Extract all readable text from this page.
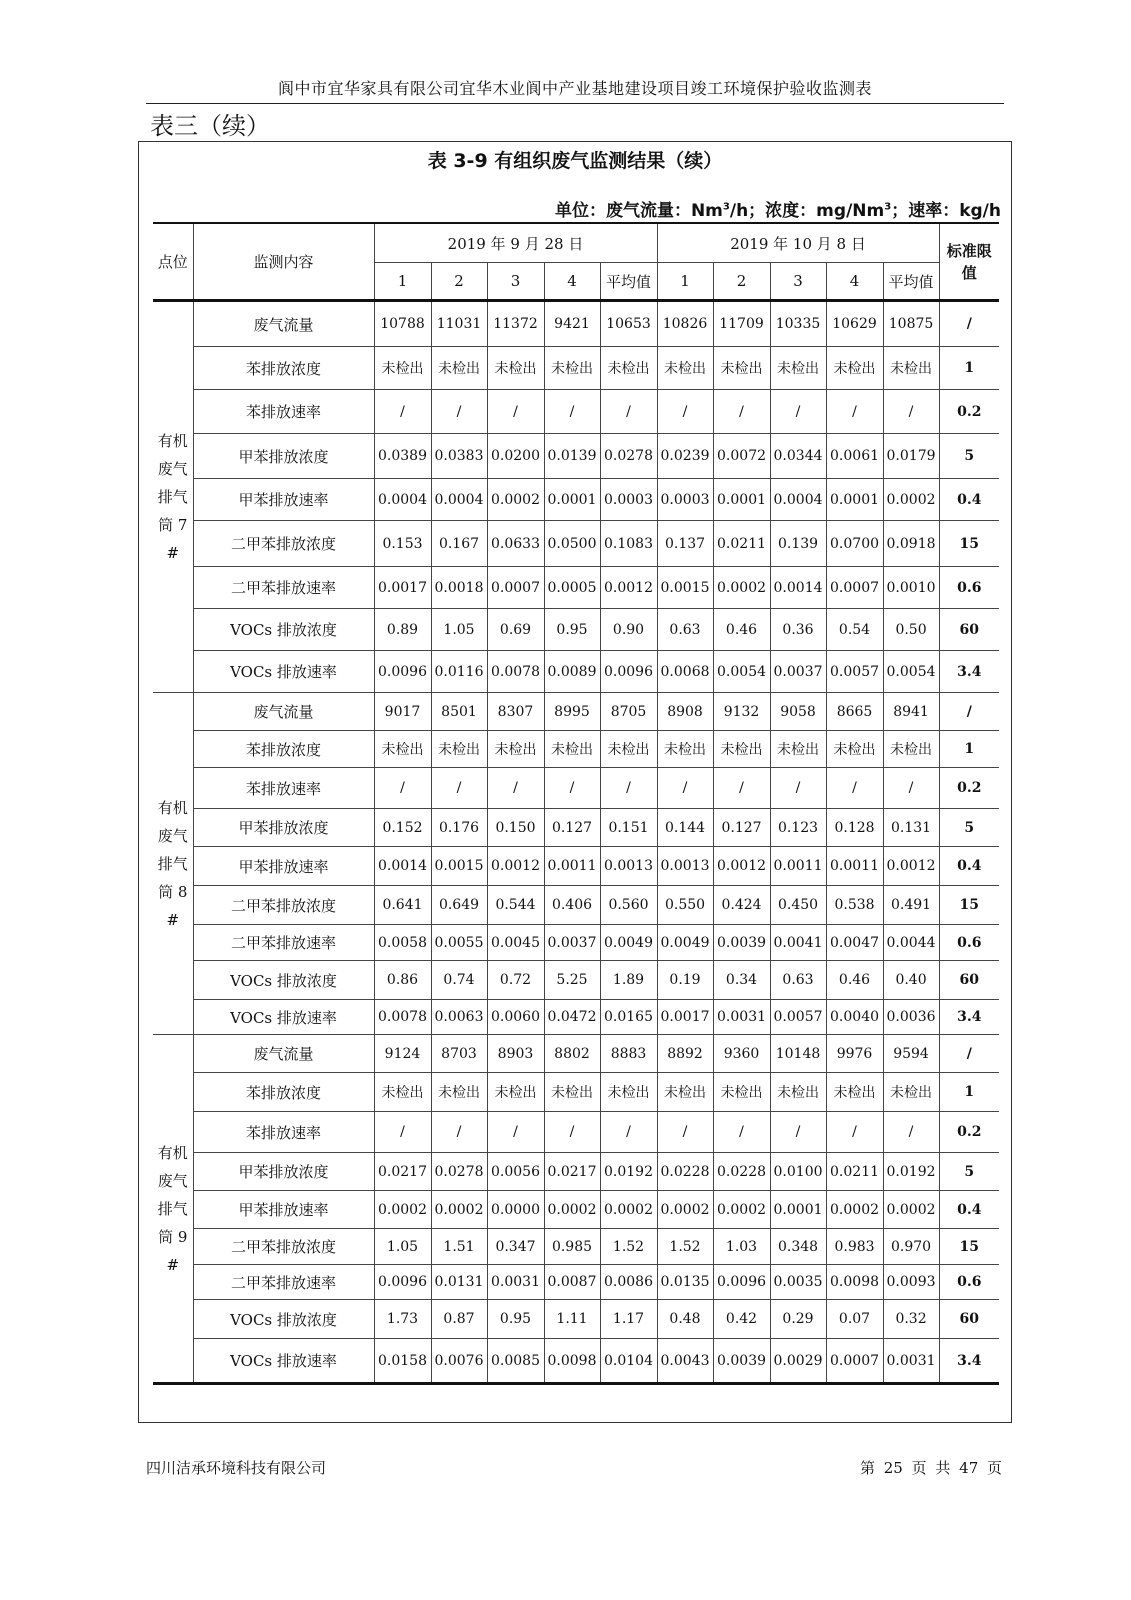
阆中市宜华家具有限公司宜华木业阆中产业基地建设项目竣工环境保护验收监测表
表三（续）
表 3-9 有组织废气监测结果（续）
单位：废气流量：Nm$^3$/h；浓度：mg/Nm$^3$；速率：kg/h
点位	监测内容	2019 年 9 月 28 日					2019 年 10 月 8 日					标准限值
		1	2	3	4	平均值	1	2	3	4	平均值	
有机废气排气筒 7#	废气流量	10788	11031	11372	9421	10653	10826	11709	10335	10629	10875	/
	苯排放浓度	未检出	未检出	未检出	未检出	未检出	未检出	未检出	未检出	未检出	未检出	1
	苯排放速率	/	/	/	/	/	/	/	/	/	/	0.2
	甲苯排放浓度	0.0389	0.0383	0.0200	0.0139	0.0278	0.0239	0.0072	0.0344	0.0061	0.0179	5
	甲苯排放速率	0.0004	0.0004	0.0002	0.0001	0.0003	0.0003	0.0001	0.0004	0.0001	0.0002	0.4
	二甲苯排放浓度	0.153	0.167	0.0633	0.0500	0.1083	0.137	0.0211	0.139	0.0700	0.0918	15
	二甲苯排放速率	0.0017	0.0018	0.0007	0.0005	0.0012	0.0015	0.0002	0.0014	0.0007	0.0010	0.6
	VOCs 排放浓度	0.89	1.05	0.69	0.95	0.90	0.63	0.46	0.36	0.54	0.50	60
	VOCs 排放速率	0.0096	0.0116	0.0078	0.0089	0.0096	0.0068	0.0054	0.0037	0.0057	0.0054	3.4
有机废气排气筒 8#	废气流量	9017	8501	8307	8995	8705	8908	9132	9058	8665	8941	/
	苯排放浓度	未检出	未检出	未检出	未检出	未检出	未检出	未检出	未检出	未检出	未检出	1
	苯排放速率	/	/	/	/	/	/	/	/	/	/	0.2
	甲苯排放浓度	0.152	0.176	0.150	0.127	0.151	0.144	0.127	0.123	0.128	0.131	5
	甲苯排放速率	0.0014	0.0015	0.0012	0.0011	0.0013	0.0013	0.0012	0.0011	0.0011	0.0012	0.4
	二甲苯排放浓度	0.641	0.649	0.544	0.406	0.560	0.550	0.424	0.450	0.538	0.491	15
	二甲苯排放速率	0.0058	0.0055	0.0045	0.0037	0.0049	0.0049	0.0039	0.0041	0.0047	0.0044	0.6
	VOCs 排放浓度	0.86	0.74	0.72	5.25	1.89	0.19	0.34	0.63	0.46	0.40	60
	VOCs 排放速率	0.0078	0.0063	0.0060	0.0472	0.0165	0.0017	0.0031	0.0057	0.0040	0.0036	3.4
有机废气排气筒 9#	废气流量	9124	8703	8903	8802	8883	8892	9360	10148	9976	9594	/
	苯排放浓度	未检出	未检出	未检出	未检出	未检出	未检出	未检出	未检出	未检出	未检出	1
	苯排放速率	/	/	/	/	/	/	/	/	/	/	0.2
	甲苯排放浓度	0.0217	0.0278	0.0056	0.0217	0.0192	0.0228	0.0228	0.0100	0.0211	0.0192	5
	甲苯排放速率	0.0002	0.0002	0.0000	0.0002	0.0002	0.0002	0.0002	0.0001	0.0002	0.0002	0.4
	二甲苯排放浓度	1.05	1.51	0.347	0.985	1.52	1.52	1.03	0.348	0.983	0.970	15
	二甲苯排放速率	0.0096	0.0131	0.0031	0.0087	0.0086	0.0135	0.0096	0.0035	0.0098	0.0093	0.6
	VOCs 排放浓度	1.73	0.87	0.95	1.11	1.17	0.48	0.42	0.29	0.07	0.32	60
	VOCs 排放速率	0.0158	0.0076	0.0085	0.0098	0.0104	0.0043	0.0039	0.0029	0.0007	0.0031	3.4
四川洁承环境科技有限公司	第 25 页 共 47 页
